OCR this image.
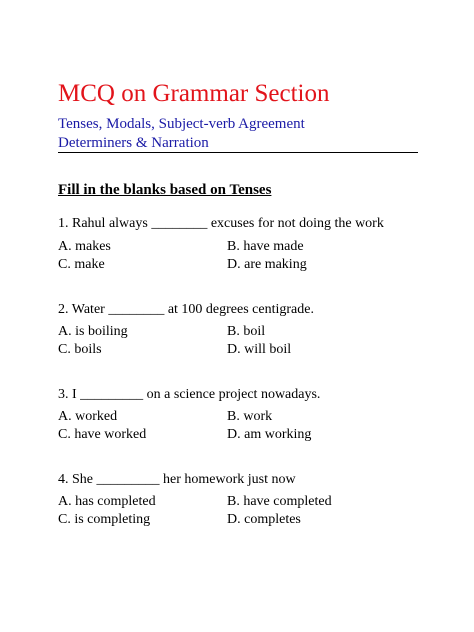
MCQ on Grammar Section
Tenses, Modals, Subject-verb Agreement
Determiners & Narration
Fill in the blanks based on Tenses
1. Rahul always ________ excuses for not doing the work
A. makes	B. have made
C. make	D. are making
2. Water ________ at 100 degrees centigrade.
A. is boiling	B. boil
C. boils	D. will boil
3. I _________ on a science project nowadays.
A. worked	B. work
C. have worked	D. am working
4. She _________ her homework just now
A. has completed	B. have completed
C. is completing	D. completes
